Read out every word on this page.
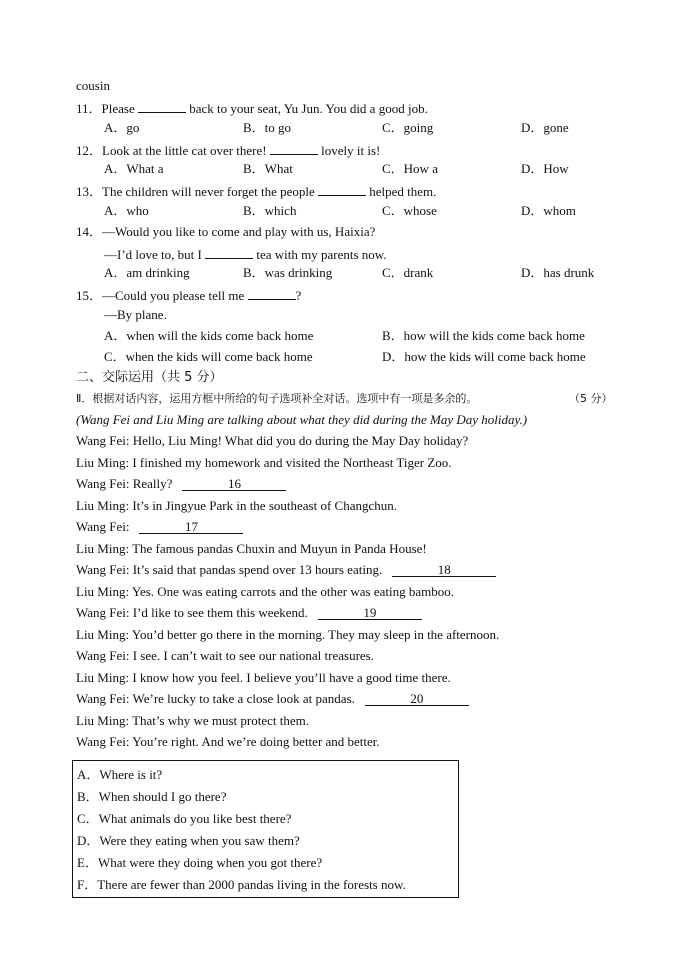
cousin
11．Please	back to your seat, Yu Jun. You did a good job.
A．go	B．to go	C．going	D．gone
12．Look at the little cat over there!	lovely it is!
A．What a	B．What	C．How a	D．How
13．The children will never forget the people	helped them.
A．who	B．which	C．whose	D．whom
14．—Would you like to come and play with us, Haixia?
—I’d love to, but I	tea with my parents now.
A．am drinking	B．was drinking	C．drank	D．has drunk
15．—Could you please tell me	?
—By plane.
A．when will the kids come back home	B．how will the kids come back home
C．when the kids will come back home	D．how the kids will come back home
二、交际运用（共 5 分）
Ⅱ．根据对话内容，运用方框中所给的句子选项补全对话。选项中有一项是多余的。	（5 分）
(Wang Fei and Liu Ming are talking about what they did during the May Day holiday.)
Wang Fei: Hello, Liu Ming! What did you do during the May Day holiday?
Liu Ming: I finished my homework and visited the Northeast Tiger Zoo.
Wang Fei: Really?	16
Liu Ming: It’s in Jingyue Park in the southeast of Changchun.
Wang Fei:	17
Liu Ming: The famous pandas Chuxin and Muyun in Panda House!
Wang Fei: It’s said that pandas spend over 13 hours eating.	18
Liu Ming: Yes. One was eating carrots and the other was eating bamboo.
Wang Fei: I’d like to see them this weekend.	19
Liu Ming: You’d better go there in the morning. They may sleep in the afternoon.
Wang Fei: I see. I can’t wait to see our national treasures.
Liu Ming: I know how you feel. I believe you’ll have a good time there.
Wang Fei: We’re lucky to take a close look at pandas.	20
Liu Ming: That’s why we must protect them.
Wang Fei: You’re right. And we’re doing better and better.
A．Where is it?
B．When should I go there?
C．What animals do you like best there?
D．Were they eating when you saw them?
E．What were they doing when you got there?
F．There are fewer than 2000 pandas living in the forests now.
